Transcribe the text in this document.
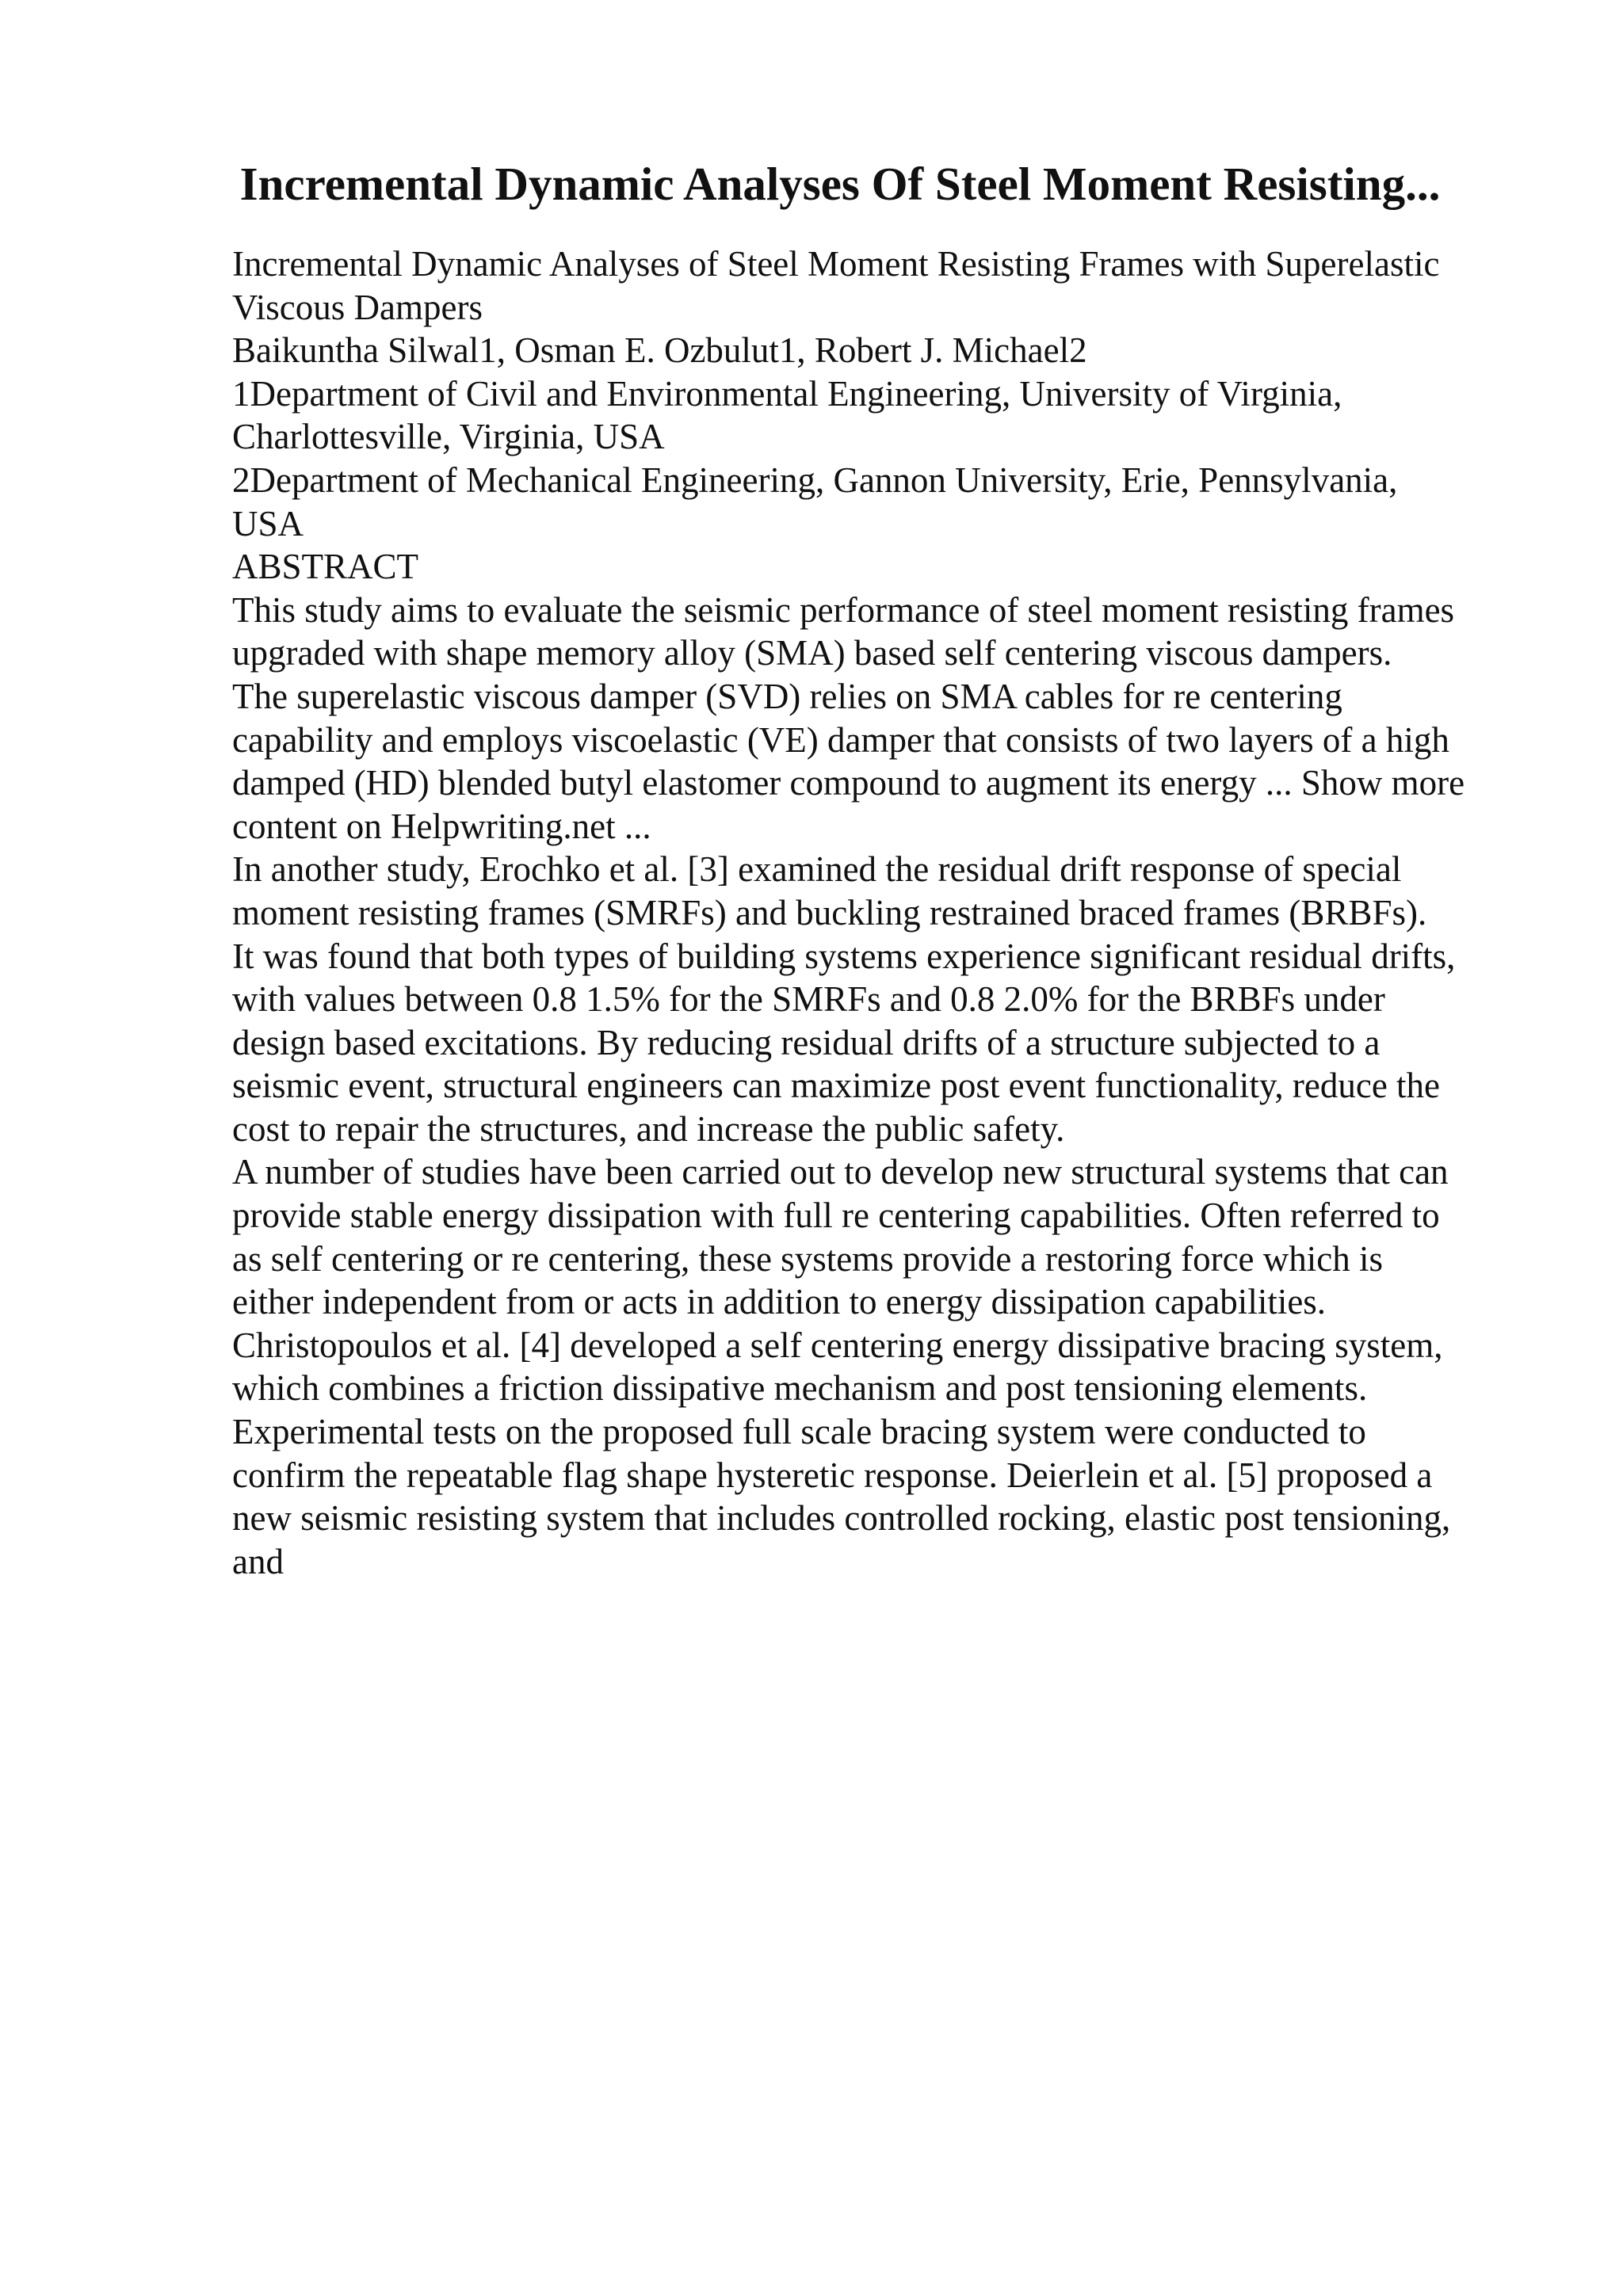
Incremental Dynamic Analyses Of Steel Moment Resisting...
Incremental Dynamic Analyses of Steel Moment Resisting Frames with Superelastic
Viscous Dampers
Baikuntha Silwal1, Osman E. Ozbulut1, Robert J. Michael2
1Department of Civil and Environmental Engineering, University of Virginia,
Charlottesville, Virginia, USA
2Department of Mechanical Engineering, Gannon University, Erie, Pennsylvania,
USA
ABSTRACT
This study aims to evaluate the seismic performance of steel moment resisting frames
upgraded with shape memory alloy (SMA) based self centering viscous dampers.
The superelastic viscous damper (SVD) relies on SMA cables for re centering
capability and employs viscoelastic (VE) damper that consists of two layers of a high
damped (HD) blended butyl elastomer compound to augment its energy ... Show more
content on Helpwriting.net ...
In another study, Erochko et al. [3] examined the residual drift response of special
moment resisting frames (SMRFs) and buckling restrained braced frames (BRBFs).
It was found that both types of building systems experience significant residual drifts,
with values between 0.8 1.5% for the SMRFs and 0.8 2.0% for the BRBFs under
design based excitations. By reducing residual drifts of a structure subjected to a
seismic event, structural engineers can maximize post event functionality, reduce the
cost to repair the structures, and increase the public safety.
A number of studies have been carried out to develop new structural systems that can
provide stable energy dissipation with full re centering capabilities. Often referred to
as self centering or re centering, these systems provide a restoring force which is
either independent from or acts in addition to energy dissipation capabilities.
Christopoulos et al. [4] developed a self centering energy dissipative bracing system,
which combines a friction dissipative mechanism and post tensioning elements.
Experimental tests on the proposed full scale bracing system were conducted to
confirm the repeatable flag shape hysteretic response. Deierlein et al. [5] proposed a
new seismic resisting system that includes controlled rocking, elastic post tensioning,
and
